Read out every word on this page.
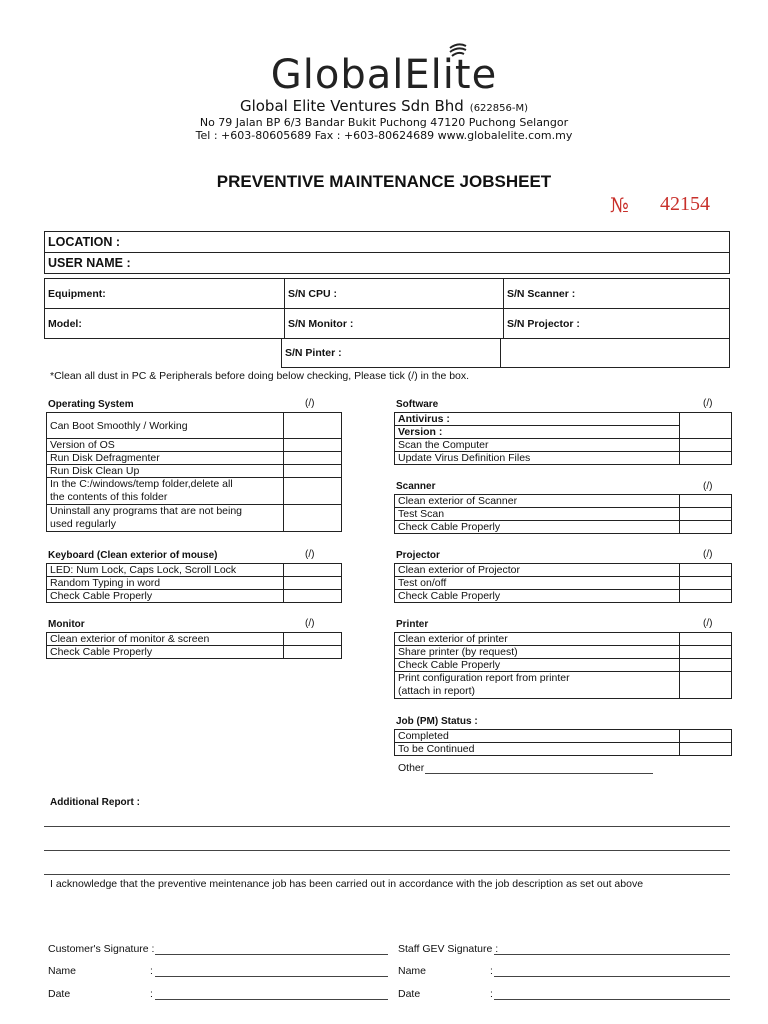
GlobalElite
Global Elite Ventures Sdn Bhd (622856-M)
No 79 Jalan BP 6/3 Bandar Bukit Puchong 47120 Puchong Selangor
Tel : +603-80605689 Fax : +603-80624689 www.globalelite.com.my
PREVENTIVE MAINTENANCE JOBSHEET
№ 42154
LOCATION :
USER NAME :
Equipment:	S/N CPU :	S/N Scanner :
Model:	S/N Monitor :	S/N Projector :
S/N Pinter :	
*Clean all dust in PC & Peripherals before doing below checking, Please tick (/) in the box.
Operating System	(/)
Can Boot Smoothly / Working	
Version of OS	
Run Disk Defragmenter	
Run Disk Clean Up	
In the C:/windows/temp folder,delete all
the contents of this folder	
Uninstall any programs that are not being
used regularly	
Software	(/)
Antivirus :	
Version :	
Scan the Computer	
Update Virus Definition Files	
Scanner	(/)
Clean exterior of Scanner	
Test Scan	
Check Cable Properly	
Keyboard (Clean exterior of mouse)	(/)
LED: Num Lock, Caps Lock, Scroll Lock	
Random Typing in word	
Check Cable Properly	
Projector	(/)
Clean exterior of Projector	
Test on/off	
Check Cable Properly	
Monitor	(/)
Clean exterior of monitor & screen	
Check Cable Properly	
Printer	(/)
Clean exterior of printer	
Share printer (by request)	
Check Cable Properly	
Print configuration report from printer
(attach in report)	
Job (PM) Status :
Completed	
To be Continued	
Other
Additional Report :
I acknowledge that the preventive meintenance job has been carried out in accordance with the job description as set out above
Customer's Signature :
Name	:
Date	:
Staff GEV Signature :
Name	:
Date	:
